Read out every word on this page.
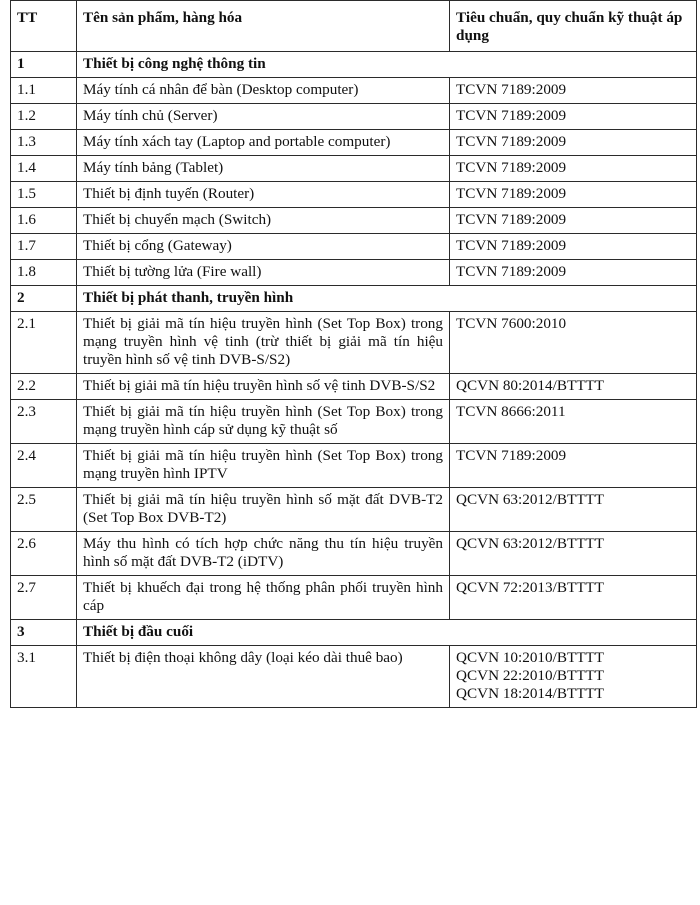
TT	Tên sản phẩm, hàng hóa	Tiêu chuẩn, quy chuẩn kỹ thuật áp dụng
1	Thiết bị công nghệ thông tin	
1.1	Máy tính cá nhân để bàn (Desktop computer)	TCVN 7189:2009

1.2	Máy tính chủ (Server)	TCVN 7189:2009

1.3	Máy tính xách tay (Laptop and portable computer)	TCVN 7189:2009

1.4	Máy tính bảng (Tablet)	TCVN 7189:2009

1.5	Thiết bị định tuyến (Router)	TCVN 7189:2009

1.6	Thiết bị chuyển mạch (Switch)	TCVN 7189:2009

1.7	Thiết bị cổng (Gateway)	TCVN 7189:2009

1.8	Thiết bị tường lửa (Fire wall)	TCVN 7189:2009

2	Thiết bị phát thanh, truyền hình	
2.1	Thiết bị giải mã tín hiệu truyền hình (Set Top Box) trong mạng truyền hình vệ tinh (trừ thiết bị giải mã tín hiệu truyền hình số vệ tinh DVB-S/S2)	TCVN 7600:2010

2.2	Thiết bị giải mã tín hiệu truyền hình số vệ tinh DVB-S/S2	QCVN 80:2014/BTTTT

2.3	Thiết bị giải mã tín hiệu truyền hình (Set Top Box) trong mạng truyền hình cáp sử dụng kỹ thuật số	TCVN 8666:2011

2.4	Thiết bị giải mã tín hiệu truyền hình (Set Top Box) trong mạng truyền hình IPTV	TCVN 7189:2009

2.5	Thiết bị giải mã tín hiệu truyền hình số mặt đất DVB-T2 (Set Top Box DVB-T2)	QCVN 63:2012/BTTTT

2.6	Máy thu hình có tích hợp chức năng thu tín hiệu truyền hình số mặt đất DVB-T2 (iDTV)	QCVN 63:2012/BTTTT

2.7	Thiết bị khuếch đại trong hệ thống phân phối truyền hình cáp	QCVN 72:2013/BTTTT

3	Thiết bị đầu cuối	
3.1	Thiết bị điện thoại không dây (loại kéo dài thuê bao)	QCVN 10:2010/BTTTT
QCVN 22:2010/BTTTT
QCVN 18:2014/BTTTT
